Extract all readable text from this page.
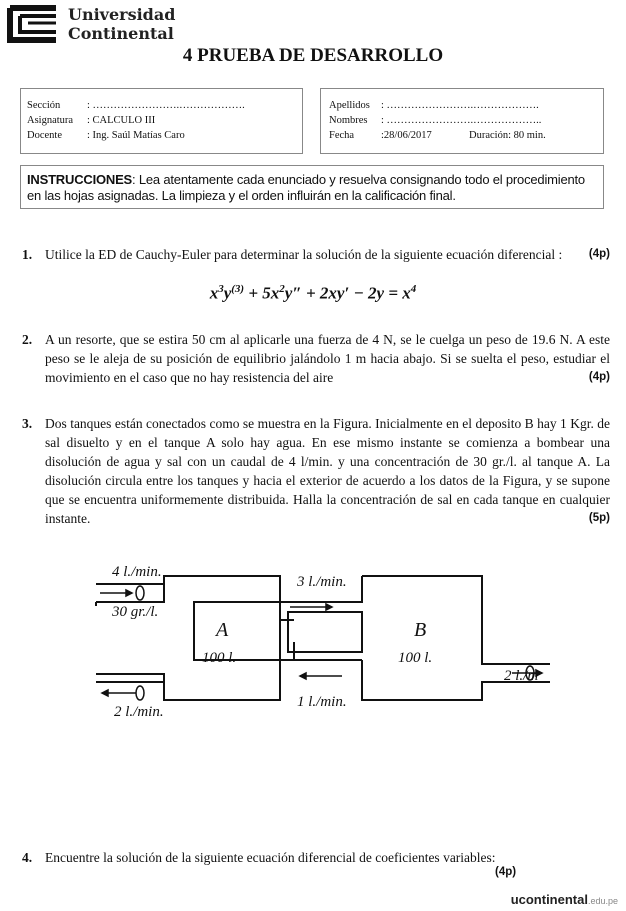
Universidad
Continental
4 PRUEBA DE DESARROLLO
Sección	: …………………….……………….
Asignatura : CALCULO III
Docente : Ing. Saúl Matías Caro
Apellidos : …………………….……………….
Nombres : …………………….………………..
Fecha	:28/06/2017	Duración: 80 min.
INSTRUCCIONES: Lea atentamente cada enunciado y resuelva consignando todo el procedimiento en las hojas asignadas. La limpieza y el orden influirán en la calificación final.
1. Utilice la ED de Cauchy-Euler para determinar la solución de la siguiente ecuación diferencial : (4p)
$x^3y^{(3)} + 5x^2y'' + 2xy' - 2y = x^4$
2. A un resorte, que se estira 50 cm al aplicarle una fuerza de 4 N, se le cuelga un peso de 19.6 N. A este peso se le aleja de su posición de equilibrio jalándolo 1 m hacia abajo. Si se suelta el peso, estudiar el movimiento en el caso que no hay resistencia del aire	(4p)
3. Dos tanques están conectados como se muestra en la Figura. Inicialmente en el deposito B hay 1 Kgr. de sal disuelto y en el tanque A solo hay agua. En ese mismo instante se comienza a bombear una disolución de agua y sal con un caudal de 4 l/min. y una concentración de 30 gr./l. al tanque A. La disolución circula entre los tanques y hacia el exterior de acuerdo a los datos de la Figura, y se supone que se encuentra uniformemente distribuida. Halla la concentración de sal en cada tanque en cualquier instante.	(5p)
4 l./min.
30 gr./l.
A
100 l.
3 l./min.
B
100 l.
2 l./m
1 l./min.
2 l./min.
4. Encuentre la solución de la siguiente ecuación diferencial de coeficientes variables:
(4p)
ucontinental.edu.pe
